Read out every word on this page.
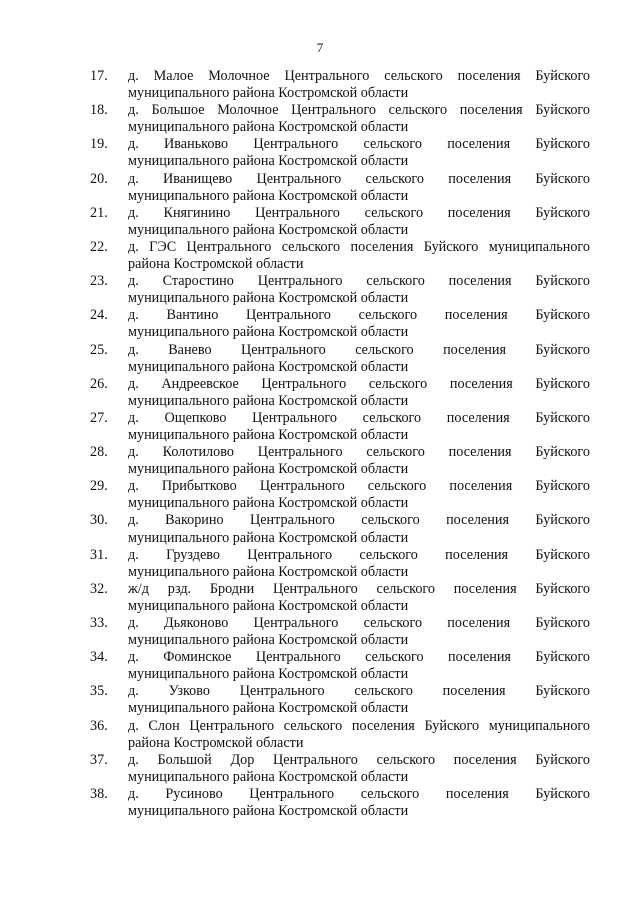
7
17.	д. Малое Молочное Центрального сельского поселения Буйского
муниципального района Костромской области
18.	д. Большое Молочное Центрального сельского поселения Буйского
муниципального района Костромской области
19.	д. Иваньково Центрального сельского поселения Буйского
муниципального района Костромской области
20.	д. Иванищево Центрального сельского поселения Буйского
муниципального района Костромской области
21.	д. Княгинино Центрального сельского поселения Буйского
муниципального района Костромской области
22.	д. ГЭС Центрального сельского поселения Буйского муниципального
района Костромской области
23.	д. Старостино Центрального сельского поселения Буйского
муниципального района Костромской области
24.	д. Вантино Центрального сельского поселения Буйского
муниципального района Костромской области
25.	д. Ванево Центрального сельского поселения Буйского
муниципального района Костромской области
26.	д. Андреевское Центрального сельского поселения Буйского
муниципального района Костромской области
27.	д. Ощепково Центрального сельского поселения Буйского
муниципального района Костромской области
28.	д. Колотилово Центрального сельского поселения Буйского
муниципального района Костромской области
29.	д. Прибытково Центрального сельского поселения Буйского
муниципального района Костромской области
30.	д. Вакорино Центрального сельского поселения Буйского
муниципального района Костромской области
31.	д. Груздево Центрального сельского поселения Буйского
муниципального района Костромской области
32.	ж/д рзд. Бродни Центрального сельского поселения Буйского
муниципального района Костромской области
33.	д. Дьяконово Центрального сельского поселения Буйского
муниципального района Костромской области
34.	д. Фоминское Центрального сельского поселения Буйского
муниципального района Костромской области
35.	д. Узково Центрального сельского поселения Буйского
муниципального района Костромской области
36.	д. Слон Центрального сельского поселения Буйского муниципального
района Костромской области
37.	д. Большой Дор Центрального сельского поселения Буйского
муниципального района Костромской области
38.	д. Русиново Центрального сельского поселения Буйского
муниципального района Костромской области
